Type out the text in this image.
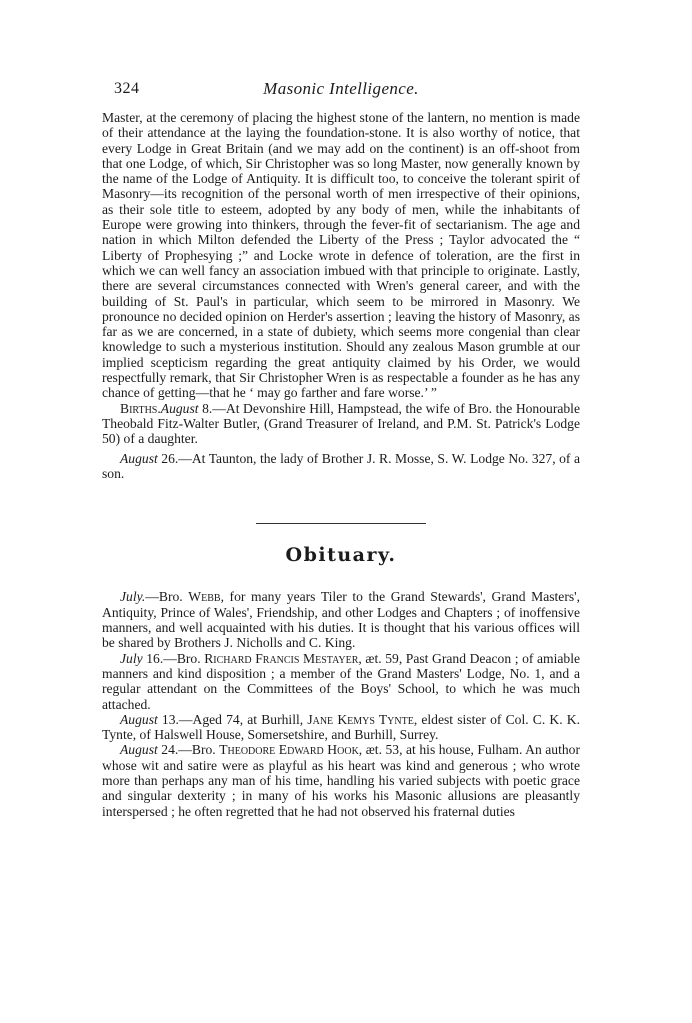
324	Masonic Intelligence.

Master, at the ceremony of placing the highest stone of the lantern, no mention is made of their attendance at the laying the foundation-stone. It is also worthy of notice, that every Lodge in Great Britain (and we may add on the continent) is an off-shoot from that one Lodge, of which, Sir Christopher was so long Master, now generally known by the name of the Lodge of Antiquity. It is difficult too, to conceive the tolerant spirit of Masonry—its recognition of the personal worth of men irrespective of their opinions, as their sole title to esteem, adopted by any body of men, while the inhabitants of Europe were growing into thinkers, through the fever-fit of sectarianism. The age and nation in which Milton defended the Liberty of the Press ; Taylor advocated the “ Liberty of Prophesying ;” and Locke wrote in defence of toleration, are the first in which we can well fancy an association imbued with that principle to originate. Lastly, there are several circumstances connected with Wren's general career, and with the building of St. Paul's in particular, which seem to be mirrored in Masonry. We pronounce no decided opinion on Herder's assertion ; leaving the history of Masonry, as far as we are concerned, in a state of dubiety, which seems more congenial than clear knowledge to such a mysterious institution. Should any zealous Mason grumble at our implied scepticism regarding the great antiquity claimed by his Order, we would respectfully remark, that Sir Christopher Wren is as respectable a founder as he has any chance of getting—that he ‘ may go farther and fare worse.’ ”

Births.August 8.—At Devonshire Hill, Hampstead, the wife of Bro. the Honourable Theobald Fitz-Walter Butler, (Grand Treasurer of Ireland, and P.M. St. Patrick's Lodge 50) of a daughter.

August 26.—At Taunton, the lady of Brother J. R. Mosse, S. W. Lodge No. 327, of a son.

Obituary.

July.—Bro. Webb, for many years Tiler to the Grand Stewards', Grand Masters', Antiquity, Prince of Wales', Friendship, and other Lodges and Chapters ; of inoffensive manners, and well acquainted with his duties. It is thought that his various offices will be shared by Brothers J. Nicholls and C. King.

July 16.—Bro. Richard Francis Mestayer, æt. 59, Past Grand Deacon ; of amiable manners and kind disposition ; a member of the Grand Masters' Lodge, No. 1, and a regular attendant on the Committees of the Boys' School, to which he was much attached.

August 13.—Aged 74, at Burhill, Jane Kemys Tynte, eldest sister of Col. C. K. K. Tynte, of Halswell House, Somersetshire, and Burhill, Surrey.

August 24.—Bro. Theodore Edward Hook, æt. 53, at his house, Fulham. An author whose wit and satire were as playful as his heart was kind and generous ; who wrote more than perhaps any man of his time, handling his varied subjects with poetic grace and singular dexterity ; in many of his works his Masonic allusions are pleasantly interspersed ; he often regretted that he had not observed his fraternal duties
